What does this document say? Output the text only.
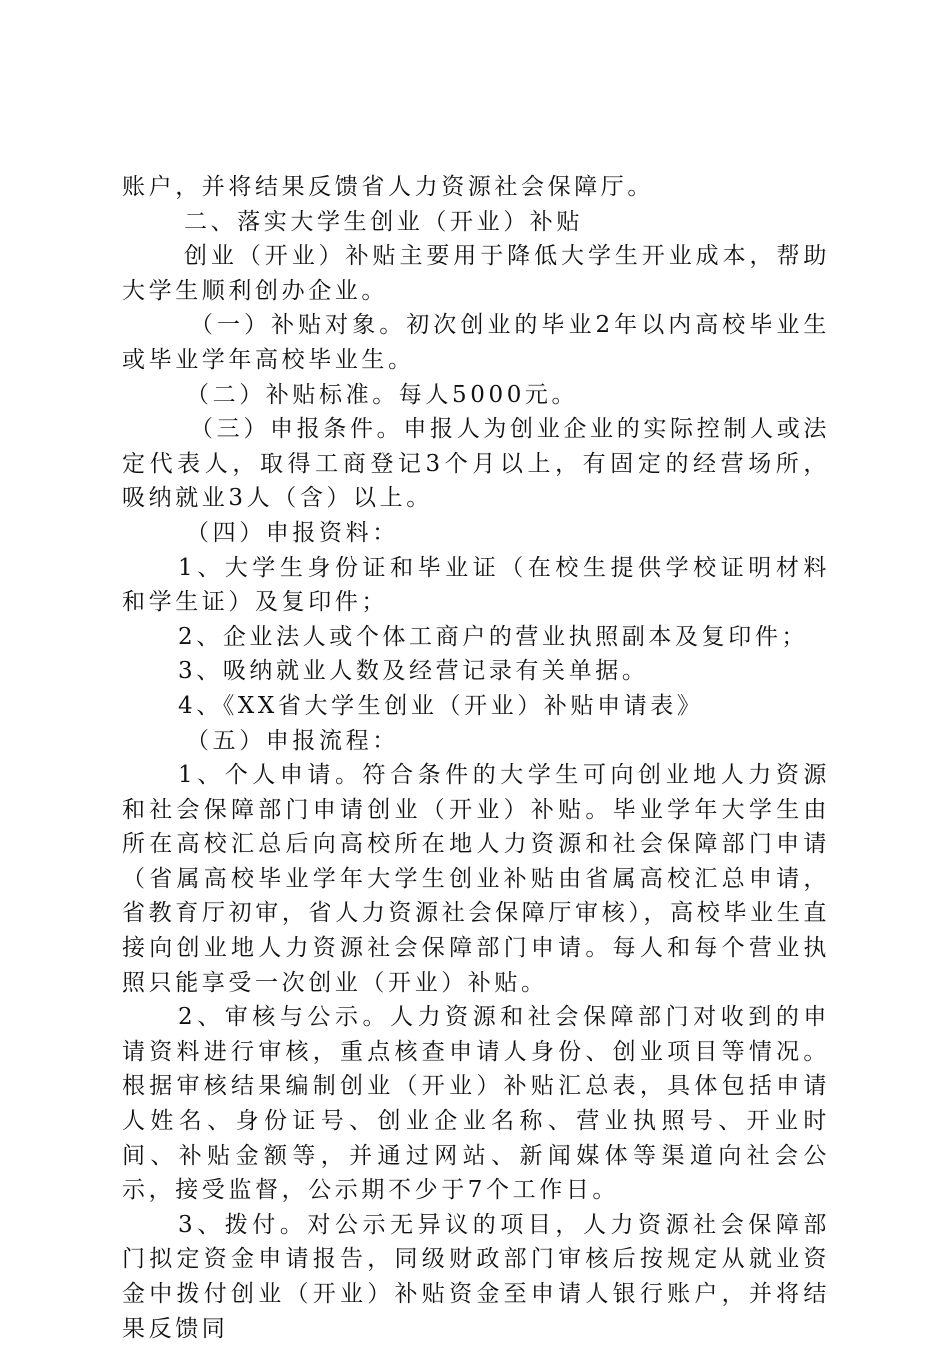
账户，并将结果反馈省人力资源社会保障厅。

二、落实大学生创业（开业）补贴

创业（开业）补贴主要用于降低大学生开业成本，帮助大学生顺利创办企业。

（一）补贴对象。初次创业的毕业2年以内高校毕业生或毕业学年高校毕业生。

（二）补贴标准。每人5000元。

（三）申报条件。申报人为创业企业的实际控制人或法定代表人，取得工商登记3个月以上，有固定的经营场所，吸纳就业3人（含）以上。

（四）申报资料：

1、大学生身份证和毕业证（在校生提供学校证明材料和学生证）及复印件；

2、企业法人或个体工商户的营业执照副本及复印件；

3、吸纳就业人数及经营记录有关单据。

4、《XX省大学生创业（开业）补贴申请表》

（五）申报流程：

1、个人申请。符合条件的大学生可向创业地人力资源和社会保障部门申请创业（开业）补贴。毕业学年大学生由所在高校汇总后向高校所在地人力资源和社会保障部门申请（省属高校毕业学年大学生创业补贴由省属高校汇总申请，省教育厅初审，省人力资源社会保障厅审核），高校毕业生直接向创业地人力资源社会保障部门申请。每人和每个营业执照只能享受一次创业（开业）补贴。

2、审核与公示。人力资源和社会保障部门对收到的申请资料进行审核，重点核查申请人身份、创业项目等情况。根据审核结果编制创业（开业）补贴汇总表，具体包括申请人姓名、身份证号、创业企业名称、营业执照号、开业时间、补贴金额等，并通过网站、新闻媒体等渠道向社会公示，接受监督，公示期不少于7个工作日。

3、拨付。对公示无异议的项目，人力资源社会保障部门拟定资金申请报告，同级财政部门审核后按规定从就业资金中拨付创业（开业）补贴资金至申请人银行账户，并将结果反馈同
